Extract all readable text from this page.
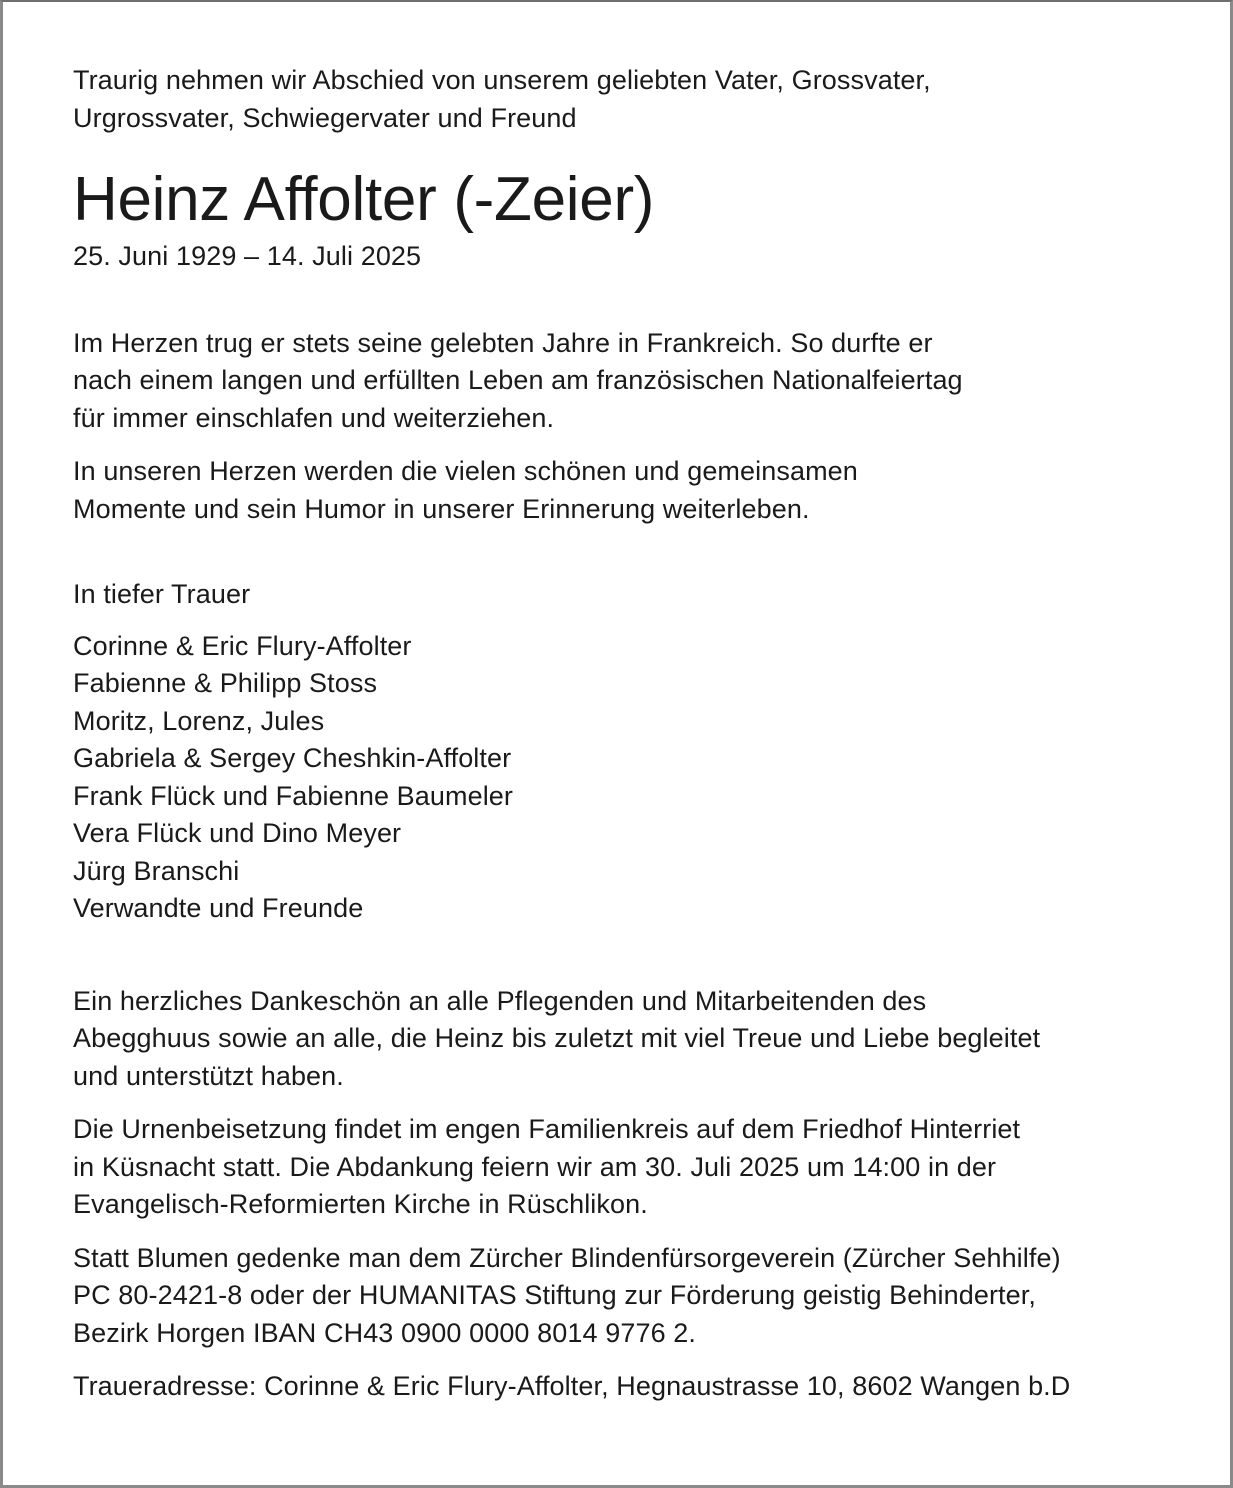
Traurig nehmen wir Abschied von unserem geliebten Vater, Grossvater,
Urgrossvater, Schwiegervater und Freund

Heinz Affolter (-Zeier)

25. Juni 1929 – 14. Juli 2025

Im Herzen trug er stets seine gelebten Jahre in Frankreich. So durfte er
nach einem langen und erfüllten Leben am französischen Nationalfeiertag
für immer einschlafen und weiterziehen.

In unseren Herzen werden die vielen schönen und gemeinsamen
Momente und sein Humor in unserer Erinnerung weiterleben.

In tiefer Trauer

Corinne & Eric Flury-Affolter
Fabienne & Philipp Stoss
Moritz, Lorenz, Jules
Gabriela & Sergey Cheshkin-Affolter
Frank Flück und Fabienne Baumeler
Vera Flück und Dino Meyer
Jürg Branschi
Verwandte und Freunde

Ein herzliches Dankeschön an alle Pflegenden und Mitarbeitenden des
Abegghuus sowie an alle, die Heinz bis zuletzt mit viel Treue und Liebe begleitet
und unterstützt haben.

Die Urnenbeisetzung findet im engen Familienkreis auf dem Friedhof Hinterriet
in Küsnacht statt. Die Abdankung feiern wir am 30. Juli 2025 um 14:00 in der
Evangelisch-Reformierten Kirche in Rüschlikon.

Statt Blumen gedenke man dem Zürcher Blindenfürsorgeverein (Zürcher Sehhilfe)
PC 80-2421-8 oder der HUMANITAS Stiftung zur Förderung geistig Behinderter,
Bezirk Horgen IBAN CH43 0900 0000 8014 9776 2.

Traueradresse: Corinne & Eric Flury-Affolter, Hegnaustrasse 10, 8602 Wangen b.D
